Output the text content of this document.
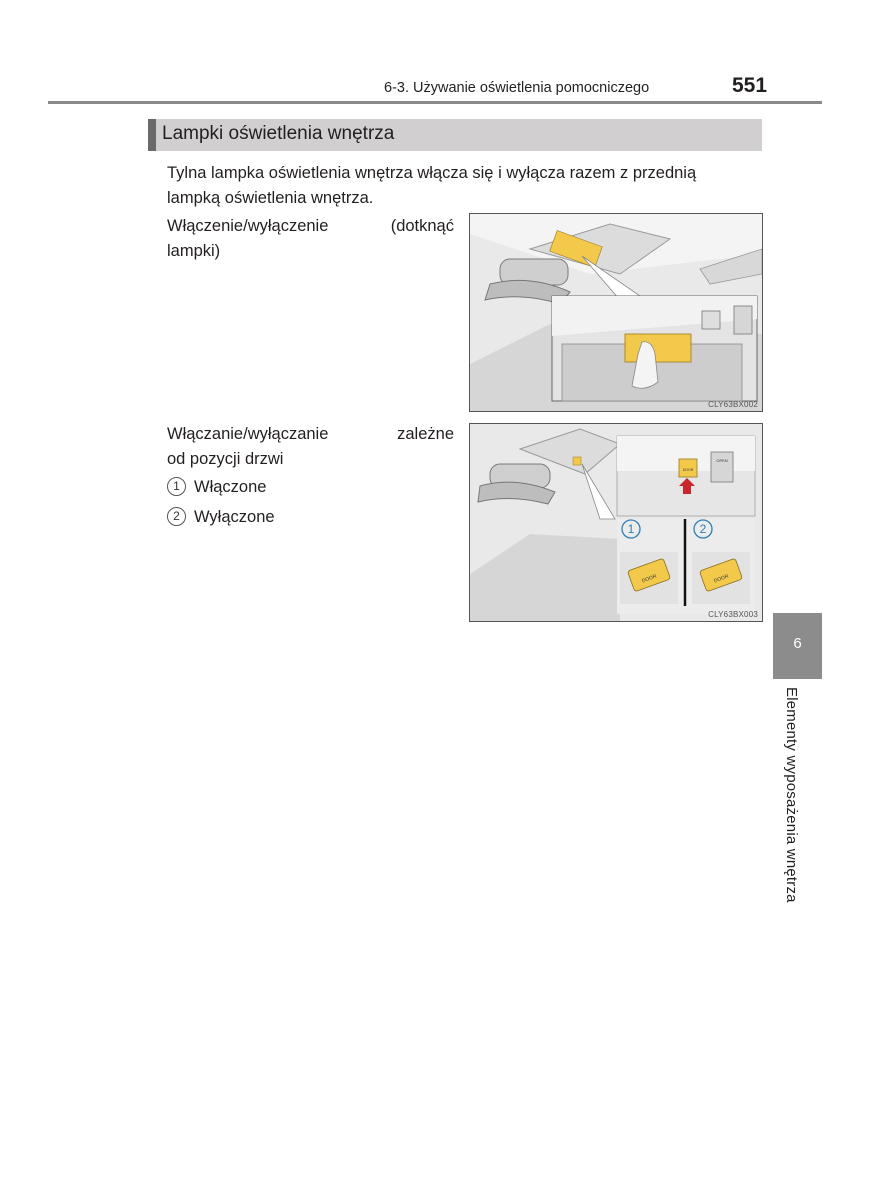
6-3. Używanie oświetlenia pomocniczego	551
Lampki oświetlenia wnętrza
Tylna lampka oświetlenia wnętrza włącza się i wyłącza razem z przednią
lampką oświetlenia wnętrza.
Włączenie/wyłączenie (dotknąć
lampki)
CLY63BX002
Włączanie/wyłączanie zależne
od pozycji drzwi
1 Włączone
2 Wyłączone
1	2
DOOR	DOOR
DOOR
OPEN
CLY63BX003
6
Elementy wyposażenia wnętrza
